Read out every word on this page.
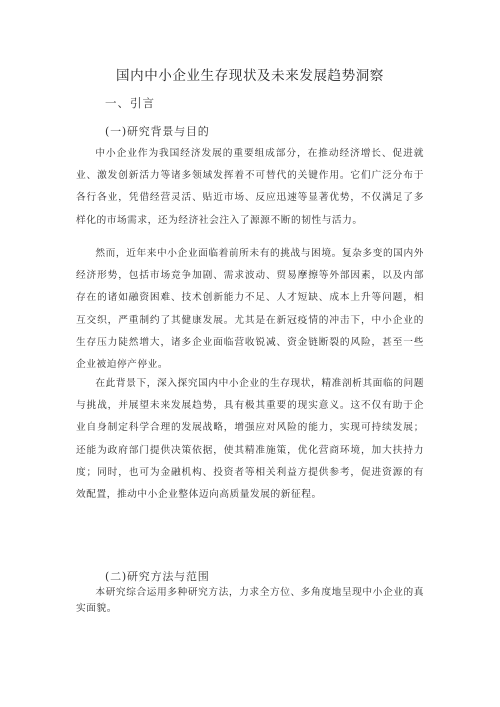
国内中小企业生存现状及未来发展趋势洞察
一、引言
(一)研究背景与目的

中小企业作为我国经济发展的重要组成部分，在推动经济增长、促进就业、激发创新活力等诸多领域发挥着不可替代的关键作用。它们广泛分布于各行各业，凭借经营灵活、贴近市场、反应迅速等显著优势，不仅满足了多样化的市场需求，还为经济社会注入了源源不断的韧性与活力。

然而，近年来中小企业面临着前所未有的挑战与困境。复杂多变的国内外经济形势，包括市场竞争加剧、需求波动、贸易摩擦等外部因素，以及内部存在的诸如融资困难、技术创新能力不足、人才短缺、成本上升等问题，相互交织，严重制约了其健康发展。尤其是在新冠疫情的冲击下，中小企业的生存压力陡然增大，诸多企业面临营收锐减、资金链断裂的风险，甚至一些企业被迫停产停业。

在此背景下，深入探究国内中小企业的生存现状，精准剖析其面临的问题与挑战，并展望未来发展趋势，具有极其重要的现实意义。这不仅有助于企业自身制定科学合理的发展战略，增强应对风险的能力，实现可持续发展；还能为政府部门提供决策依据，使其精准施策，优化营商环境，加大扶持力度；同时，也可为金融机构、投资者等相关利益方提供参考，促进资源的有效配置，推动中小企业整体迈向高质量发展的新征程。

(二)研究方法与范围

本研究综合运用多种研究方法，力求全方位、多角度地呈现中小企业的真实面貌。
